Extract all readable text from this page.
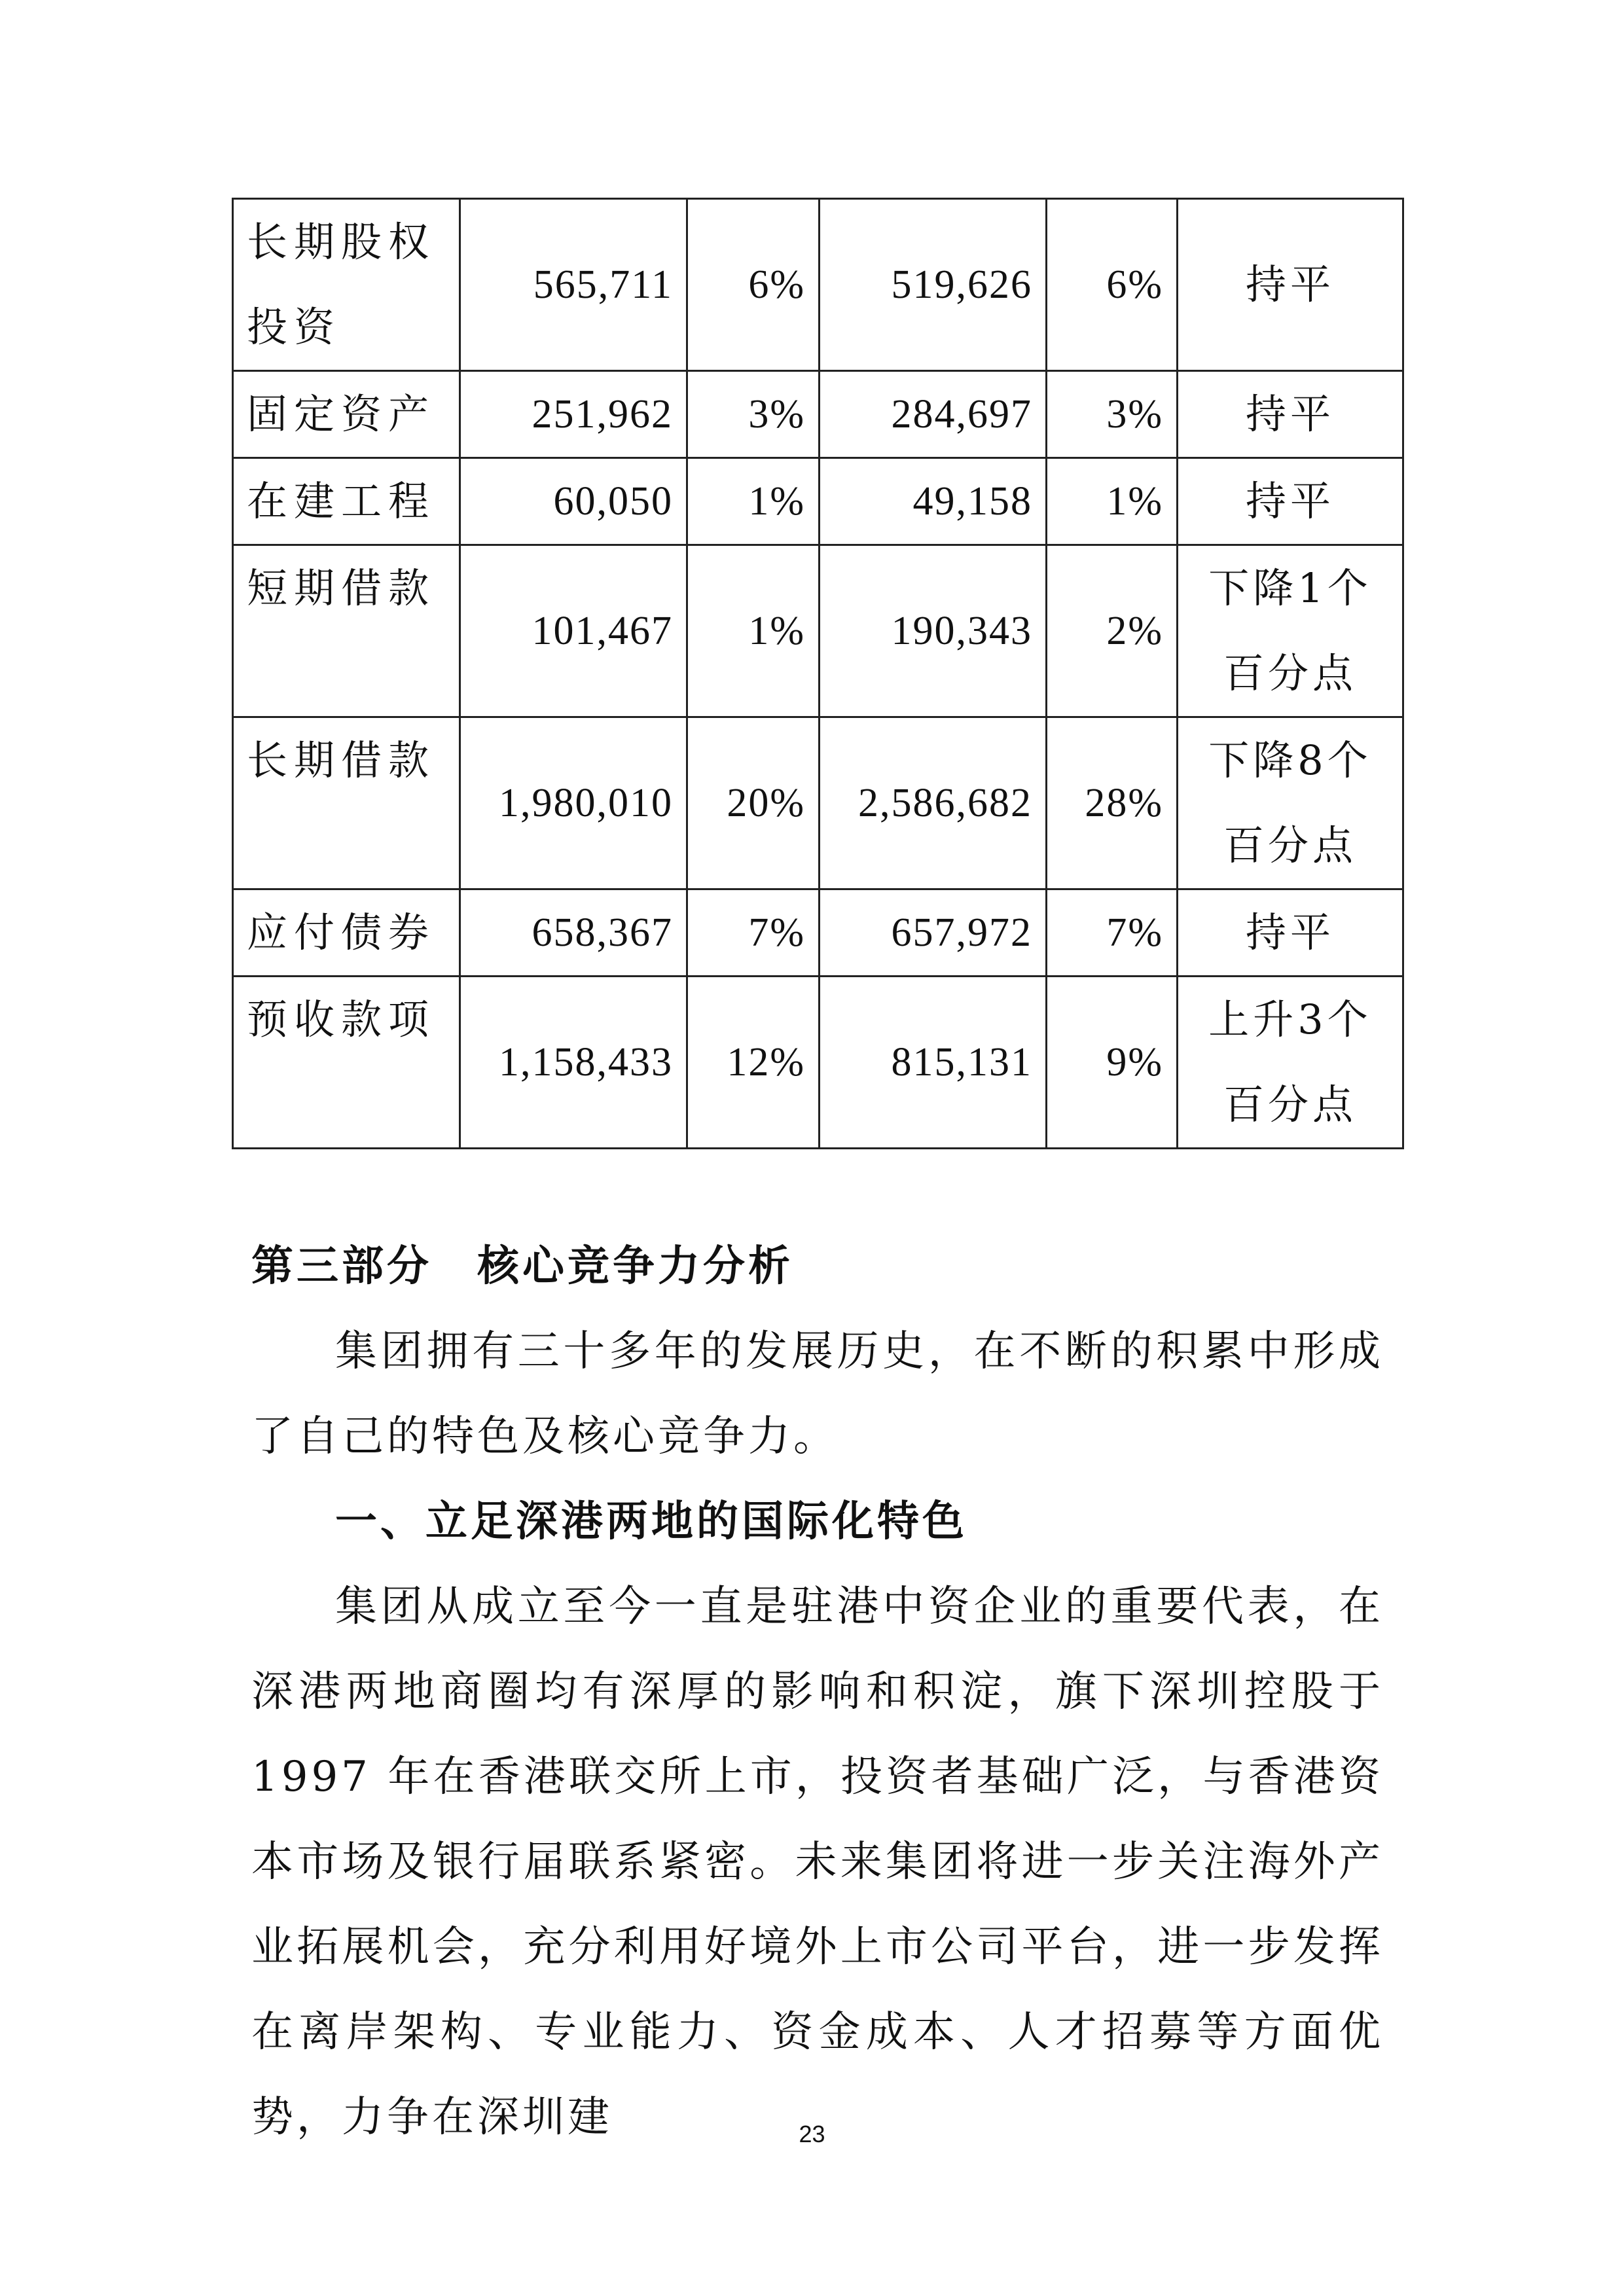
长期股权投资	565,711	6%	519,626	6%	持平
固定资产	251,962	3%	284,697	3%	持平
在建工程	60,050	1%	49,158	1%	持平
短期借款	101,467	1%	190,343	2%	下降1个百分点
长期借款	1,980,010	20%	2,586,682	28%	下降8个百分点
应付债券	658,367	7%	657,972	7%	持平
预收款项	1,158,433	12%	815,131	9%	上升3个百分点
第三部分　核心竞争力分析

集团拥有三十多年的发展历史，在不断的积累中形成了自己的特色及核心竞争力。

一、立足深港两地的国际化特色

集团从成立至今一直是驻港中资企业的重要代表，在深港两地商圈均有深厚的影响和积淀，旗下深圳控股于 1997 年在香港联交所上市，投资者基础广泛，与香港资本市场及银行届联系紧密。未来集团将进一步关注海外产业拓展机会，充分利用好境外上市公司平台，进一步发挥在离岸架构、专业能力、资金成本、人才招募等方面优势，力争在深圳建	23
